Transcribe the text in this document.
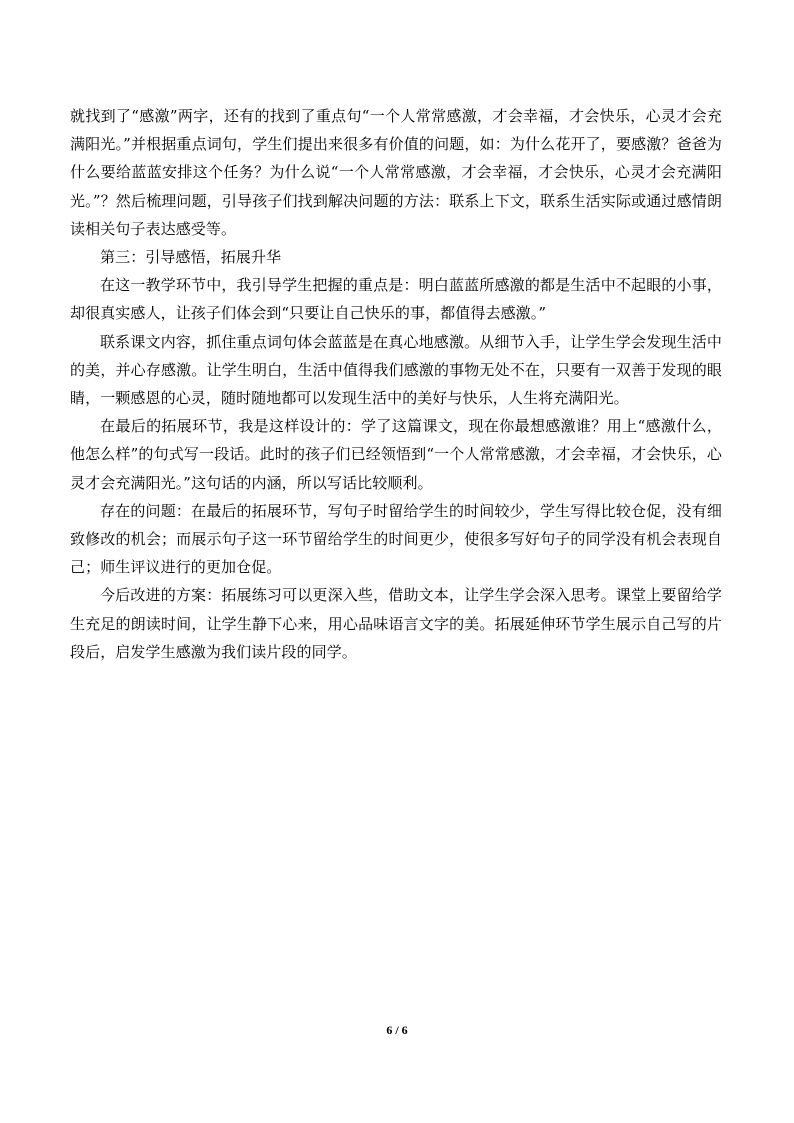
就找到了“感激”两字，还有的找到了重点句“一个人常常感激，才会幸福，才会快乐，心灵才会充满阳光。”并根据重点词句，学生们提出来很多有价值的问题，如：为什么花开了，要感激？爸爸为什么要给蓝蓝安排这个任务？为什么说“一个人常常感激，才会幸福，才会快乐，心灵才会充满阳光。”？然后梳理问题，引导孩子们找到解决问题的方法：联系上下文，联系生活实际或通过感情朗读相关句子表达感受等。

第三：引导感悟，拓展升华

在这一教学环节中，我引导学生把握的重点是：明白蓝蓝所感激的都是生活中不起眼的小事，却很真实感人，让孩子们体会到“只要让自己快乐的事，都值得去感激。”

联系课文内容，抓住重点词句体会蓝蓝是在真心地感激。从细节入手，让学生学会发现生活中的美，并心存感激。让学生明白，生活中值得我们感激的事物无处不在，只要有一双善于发现的眼睛，一颗感恩的心灵，随时随地都可以发现生活中的美好与快乐，人生将充满阳光。

在最后的拓展环节，我是这样设计的：学了这篇课文，现在你最想感激谁？用上“感激什么，他怎么样”的句式写一段话。此时的孩子们已经领悟到“一个人常常感激，才会幸福，才会快乐，心灵才会充满阳光。”这句话的内涵，所以写话比较顺利。

存在的问题：在最后的拓展环节，写句子时留给学生的时间较少，学生写得比较仓促，没有细致修改的机会；而展示句子这一环节留给学生的时间更少，使很多写好句子的同学没有机会表现自己；师生评议进行的更加仓促。

今后改进的方案：拓展练习可以更深入些，借助文本，让学生学会深入思考。课堂上要留给学生充足的朗读时间，让学生静下心来，用心品味语言文字的美。拓展延伸环节学生展示自己写的片段后，启发学生感激为我们读片段的同学。

6 / 6
